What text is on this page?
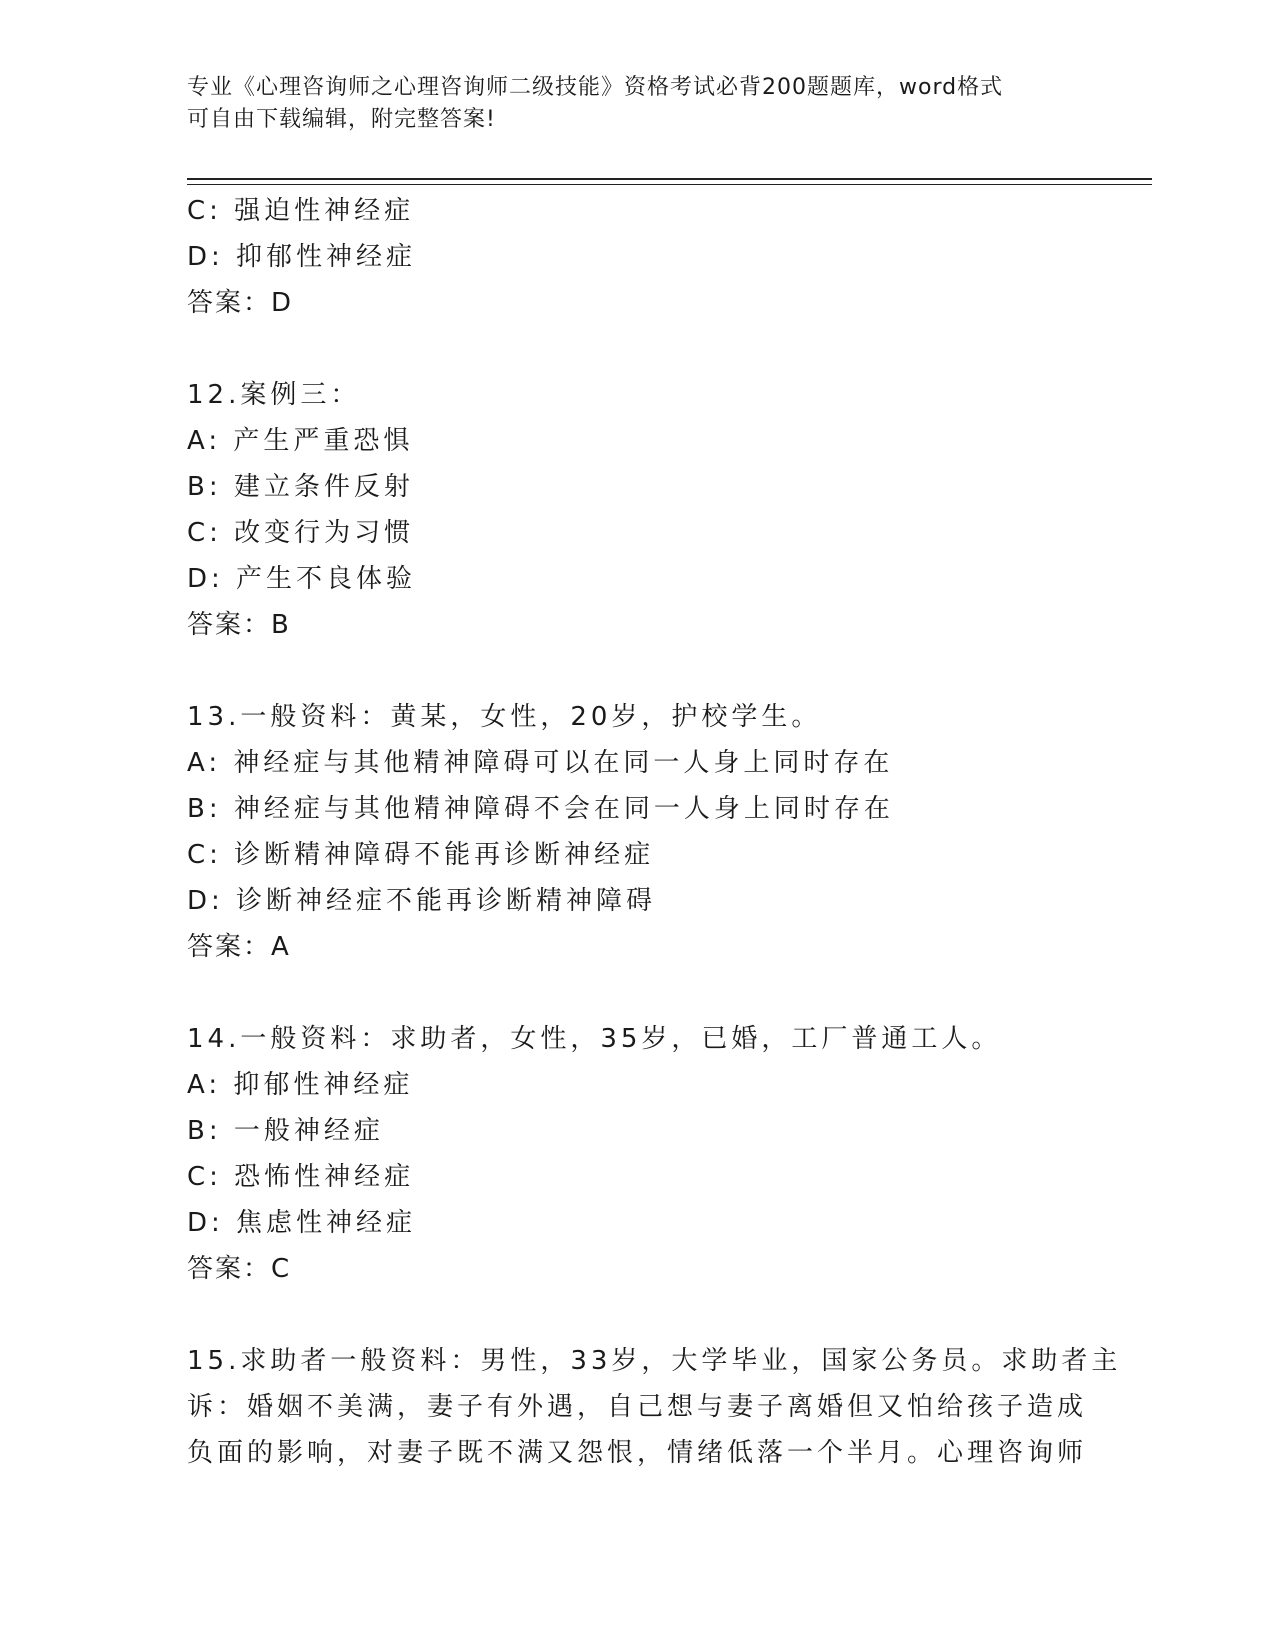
专业《心理咨询师之心理咨询师二级技能》资格考试必背200题题库，word格式
可自由下载编辑，附完整答案!
C: 强迫性神经症
D: 抑郁性神经症
答案：D
12.案例三：
A: 产生严重恐惧
B: 建立条件反射
C: 改变行为习惯
D: 产生不良体验
答案：B
13.一般资料：黄某，女性，20岁，护校学生。
A: 神经症与其他精神障碍可以在同一人身上同时存在
B: 神经症与其他精神障碍不会在同一人身上同时存在
C: 诊断精神障碍不能再诊断神经症
D: 诊断神经症不能再诊断精神障碍
答案：A
14.一般资料：求助者，女性，35岁，已婚，工厂普通工人。
A: 抑郁性神经症
B: 一般神经症
C: 恐怖性神经症
D: 焦虑性神经症
答案：C
15.求助者一般资料：男性，33岁，大学毕业，国家公务员。求助者主
诉：婚姻不美满，妻子有外遇，自己想与妻子离婚但又怕给孩子造成
负面的影响，对妻子既不满又怨恨，情绪低落一个半月。心理咨询师
